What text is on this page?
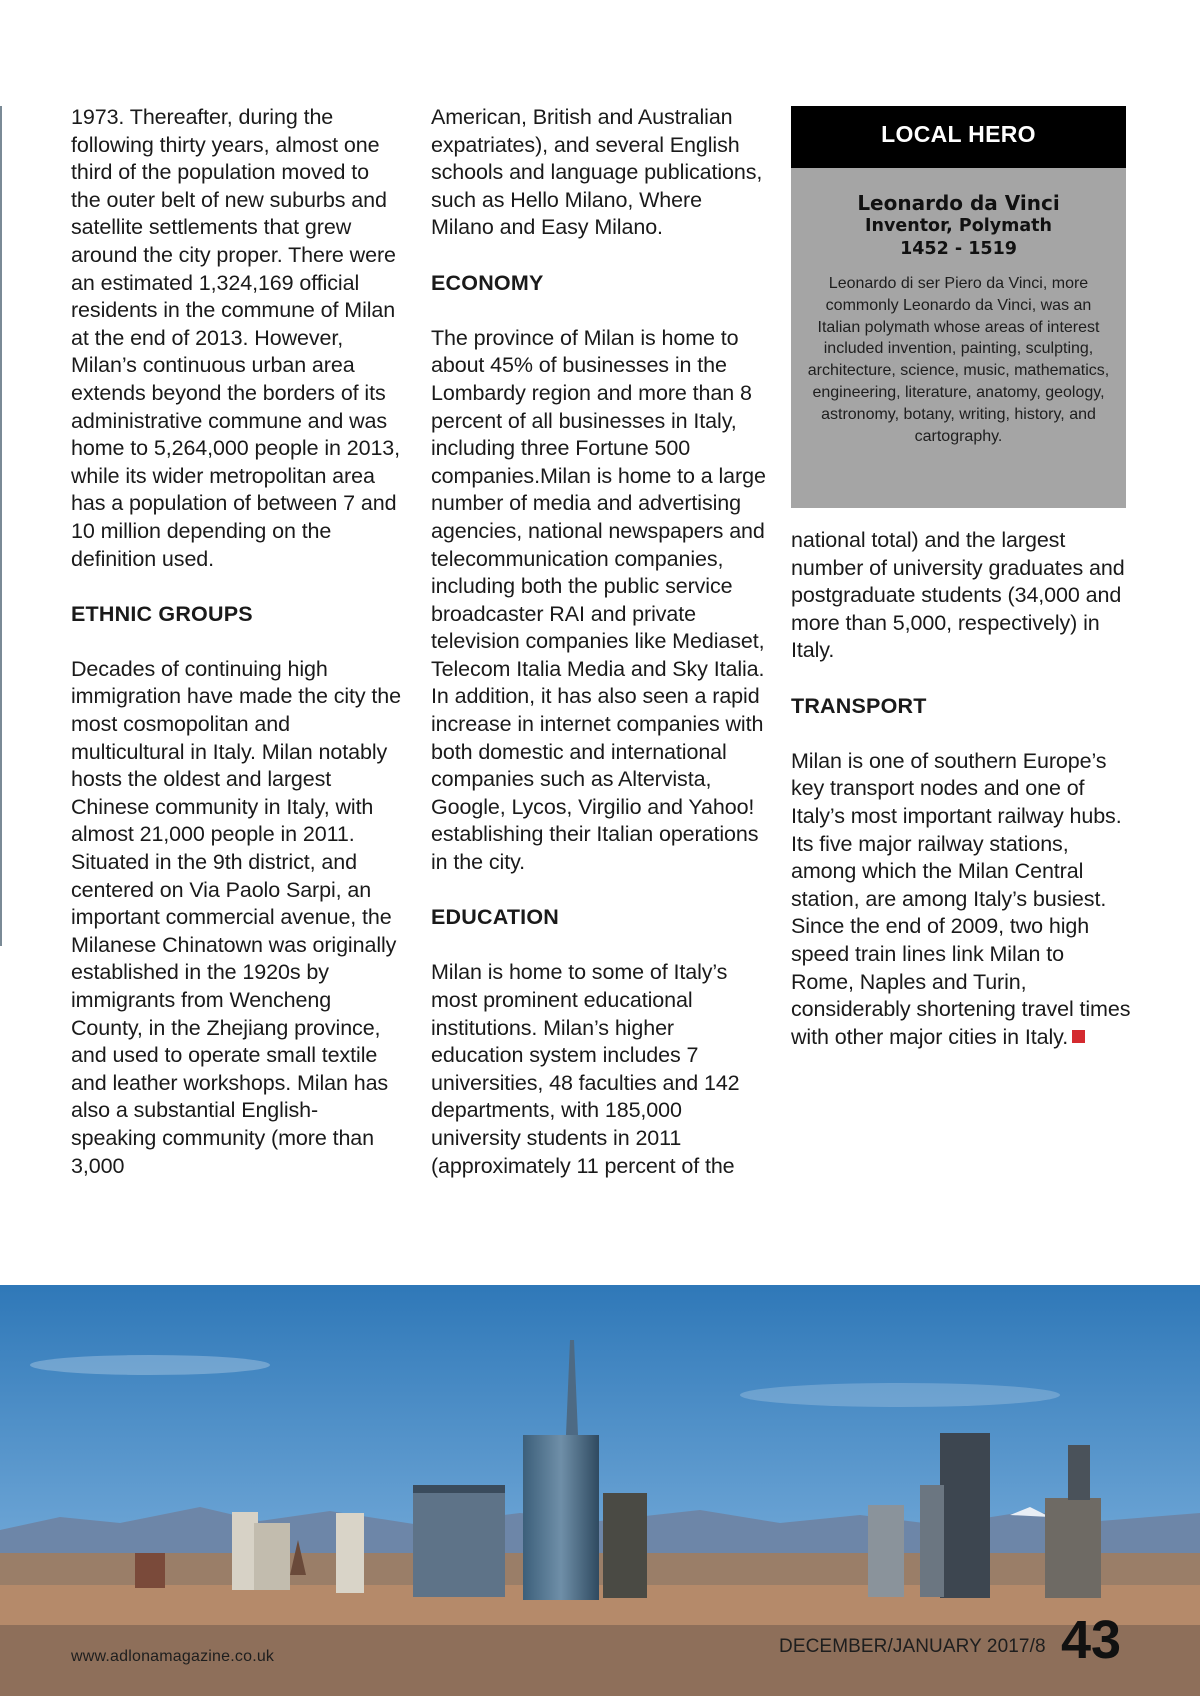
1973. Thereafter, during the following thirty years, almost one third of the population moved to the outer belt of new suburbs and satellite settlements that grew around the city proper. There were an estimated 1,324,169 official residents in the commune of Milan at the end of 2013. However, Milan’s continuous urban area extends beyond the borders of its administrative commune and was home to 5,264,000 people in 2013, while its wider metropolitan area has a population of between 7 and 10 million depending on the definition used.

ETHNIC GROUPS

Decades of continuing high immigration have made the city the most cosmopolitan and multicultural in Italy. Milan notably hosts the oldest and largest Chinese community in Italy, with almost 21,000 people in 2011. Situated in the 9th district, and centered on Via Paolo Sarpi, an important commercial avenue, the Milanese Chinatown was originally established in the 1920s by immigrants from Wencheng County, in the Zhejiang province, and used to operate small textile and leather workshops. Milan has also a substantial English-speaking community (more than 3,000

American, British and Australian expatriates), and several English schools and language publications, such as Hello Milano, Where Milano and Easy Milano.

ECONOMY

The province of Milan is home to about 45% of businesses in the Lombardy region and more than 8 percent of all businesses in Italy, including three Fortune 500 companies.Milan is home to a large number of media and advertising agencies, national newspapers and telecommunication companies, including both the public service broadcaster RAI and private television companies like Mediaset, Telecom Italia Media and Sky Italia. In addition, it has also seen a rapid increase in internet companies with both domestic and international companies such as Altervista, Google, Lycos, Virgilio and Yahoo! establishing their Italian operations in the city.

EDUCATION

Milan is home to some of Italy’s most prominent educational institutions. Milan’s higher education system includes 7 universities, 48 faculties and 142 departments, with 185,000 university students in 2011 (approximately 11 percent of the

LOCAL HERO
Leonardo da Vinci
Inventor, Polymath
1452 - 1519
Leonardo di ser Piero da Vinci, more commonly Leonardo da Vinci, was an Italian polymath whose areas of interest included invention, painting, sculpting, architecture, science, music, mathematics, engineering, literature, anatomy, geology, astronomy, botany, writing, history, and cartography.

national total) and the largest number of university graduates and postgraduate students (34,000 and more than 5,000, respectively) in Italy.

TRANSPORT

Milan is one of southern Europe’s key transport nodes and one of Italy’s most important railway hubs. Its five major railway stations, among which the Milan Central station, are among Italy’s busiest. Since the end of 2009, two high speed train lines link Milan to Rome, Naples and Turin, considerably shortening travel times with other major cities in Italy.

www.adlonamagazine.co.uk	DECEMBER/JANUARY 2017/8 43
